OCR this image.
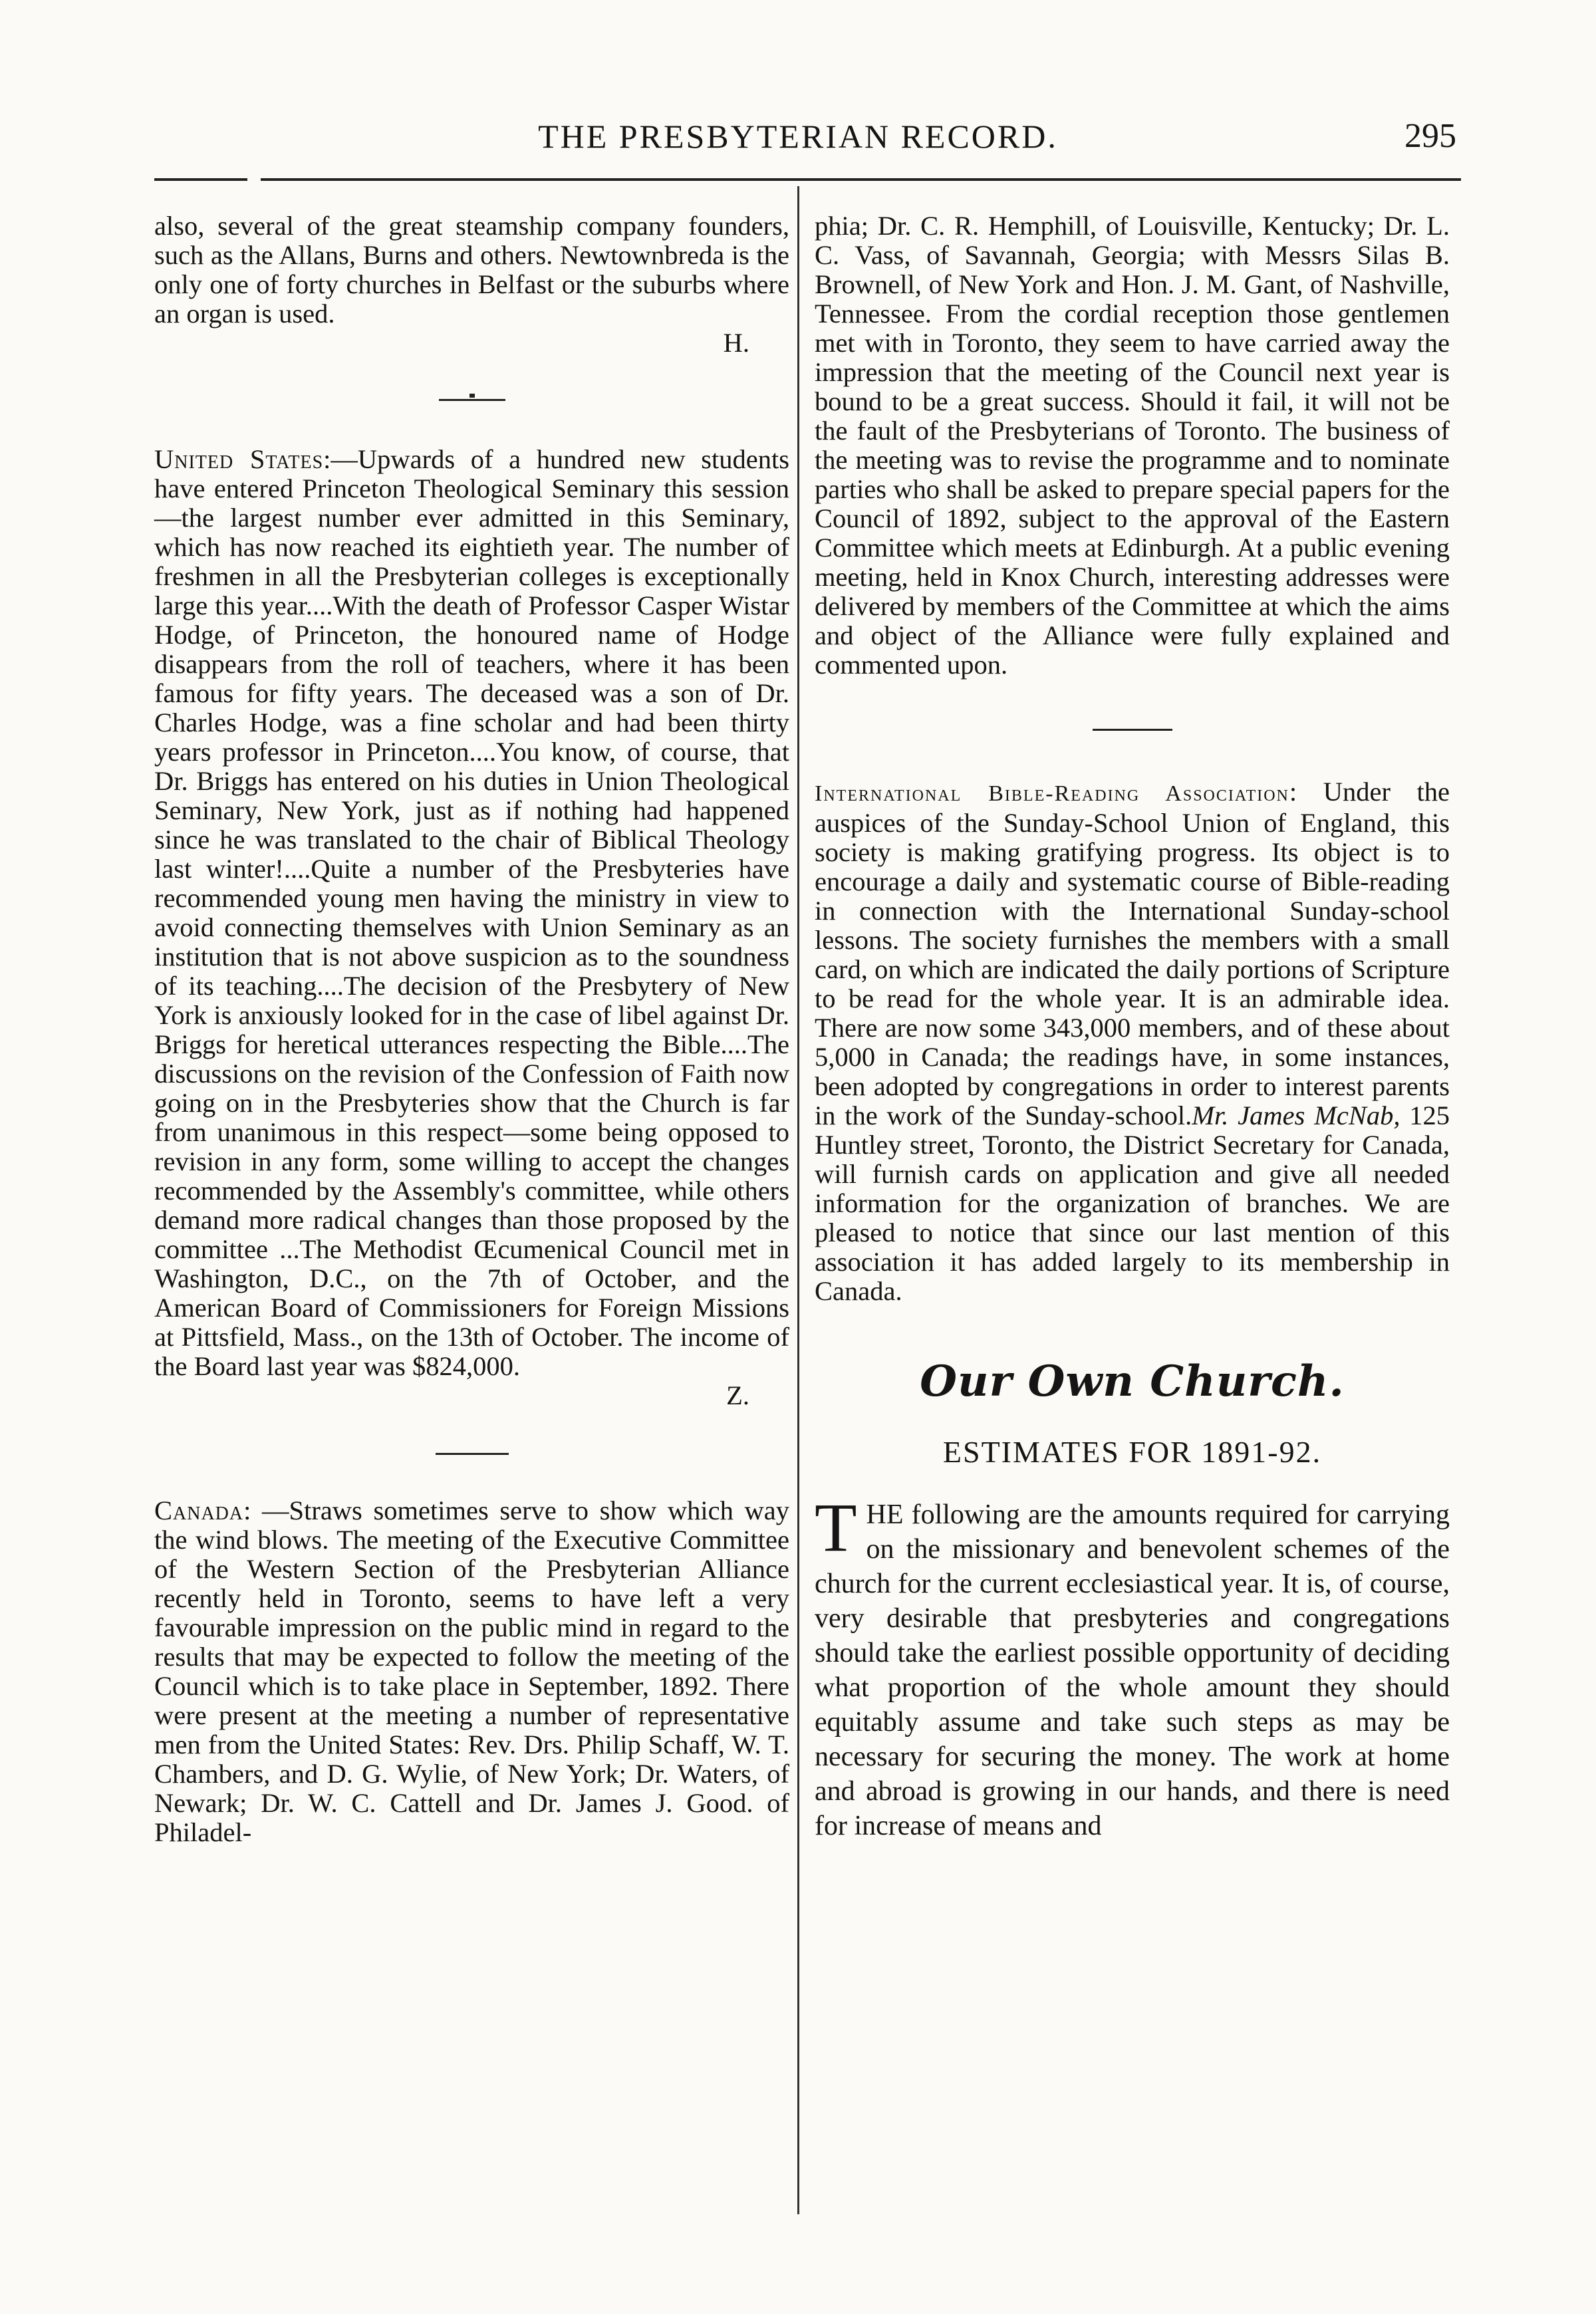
THE PRESBYTERIAN RECORD.	295

also, several of the great steamship company founders, such as the Allans, Burns and others. Newtownbreda is the only one of forty churches in Belfast or the suburbs where an organ is used.

H.

United States:—Upwards of a hundred new students have entered Princeton Theological Seminary this session—the largest number ever admitted in this Seminary, which has now reached its eightieth year. The number of freshmen in all the Presbyterian colleges is exceptionally large this year....With the death of Professor Casper Wistar Hodge, of Princeton, the honoured name of Hodge disappears from the roll of teachers, where it has been famous for fifty years. The deceased was a son of Dr. Charles Hodge, was a fine scholar and had been thirty years professor in Princeton....You know, of course, that Dr. Briggs has entered on his duties in Union Theological Seminary, New York, just as if nothing had happened since he was translated to the chair of Biblical Theology last winter!....Quite a number of the Presbyteries have recommended young men having the ministry in view to avoid connecting themselves with Union Seminary as an institution that is not above suspicion as to the soundness of its teaching....The decision of the Presbytery of New York is anxiously looked for in the case of libel against Dr. Briggs for heretical utterances respecting the Bible....The discussions on the revision of the Confession of Faith now going on in the Presbyteries show that the Church is far from unanimous in this respect—some being opposed to revision in any form, some willing to accept the changes recommended by the Assembly's committee, while others demand more radical changes than those proposed by the committee ...The Methodist Œcumenical Council met in Washington, D.C., on the 7th of October, and the American Board of Commissioners for Foreign Missions at Pittsfield, Mass., on the 13th of October. The income of the Board last year was $824,000.

Z.

Canada: —Straws sometimes serve to show which way the wind blows. The meeting of the Executive Committee of the Western Section of the Presbyterian Alliance recently held in Toronto, seems to have left a very favourable impression on the public mind in regard to the results that may be expected to follow the meeting of the Council which is to take place in September, 1892. There were present at the meeting a number of representative men from the United States: Rev. Drs. Philip Schaff, W. T. Chambers, and D. G. Wylie, of New York; Dr. Waters, of Newark; Dr. W. C. Cattell and Dr. James J. Good. of Philadel-

phia; Dr. C. R. Hemphill, of Louisville, Kentucky; Dr. L. C. Vass, of Savannah, Georgia; with Messrs Silas B. Brownell, of New York and Hon. J. M. Gant, of Nashville, Tennessee. From the cordial reception those gentlemen met with in Toronto, they seem to have carried away the impression that the meeting of the Council next year is bound to be a great success. Should it fail, it will not be the fault of the Presbyterians of Toronto. The business of the meeting was to revise the programme and to nominate parties who shall be asked to prepare special papers for the Council of 1892, subject to the approval of the Eastern Committee which meets at Edinburgh. At a public evening meeting, held in Knox Church, interesting addresses were delivered by members of the Committee at which the aims and object of the Alliance were fully explained and commented upon.

International Bible-Reading Association: Under the auspices of the Sunday-School Union of England, this society is making gratifying progress. Its object is to encourage a daily and systematic course of Bible-reading in connection with the International Sunday-school lessons. The society furnishes the members with a small card, on which are indicated the daily portions of Scripture to be read for the whole year. It is an admirable idea. There are now some 343,000 members, and of these about 5,000 in Canada; the readings have, in some instances, been adopted by congregations in order to interest parents in the work of the Sunday-school.Mr. James McNab, 125 Huntley street, Toronto, the District Secretary for Canada, will furnish cards on application and give all needed information for the organization of branches. We are pleased to notice that since our last mention of this association it has added largely to its membership in Canada.

Our Own Church.
ESTIMATES FOR 1891-92.

THE following are the amounts required for carrying on the missionary and benevolent schemes of the church for the current ecclesiastical year. It is, of course, very desirable that presbyteries and congregations should take the earliest possible opportunity of deciding what proportion of the whole amount they should equitably assume and take such steps as may be necessary for securing the money. The work at home and abroad is growing in our hands, and there is need for increase of means and
